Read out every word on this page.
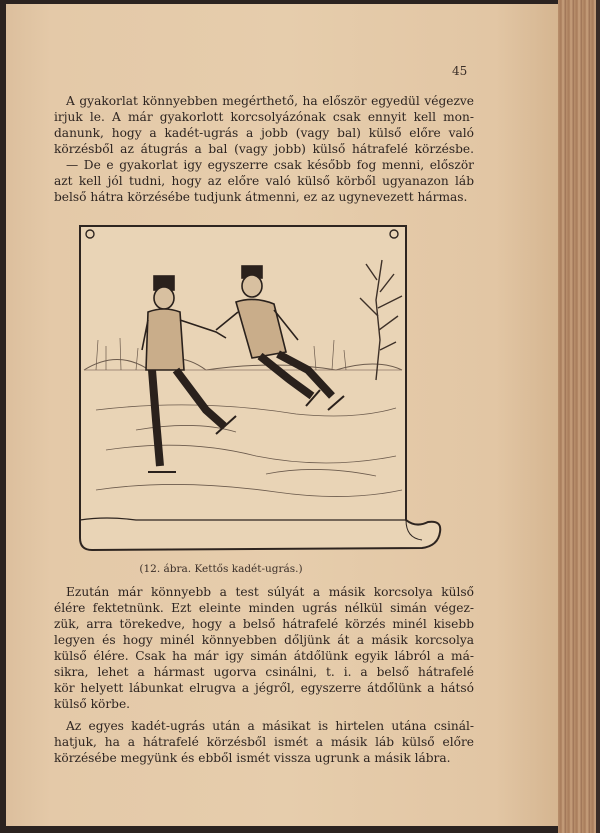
45

A gyakorlat könnyebben megérthető, ha először egyedül végezve
irjuk le. A már gyakorlott korcsolyázónak csak ennyit kell mon-
danunk, hogy a kadét-ugrás a jobb (vagy bal) külső előre való
körzésből az átugrás a bal (vagy jobb) külső hátrafelé körzésbe.
— De e gyakorlat igy egyszerre csak később fog menni, először
azt kell jól tudni, hogy az előre való külső körből ugyanazon láb
belső hátra körzésébe tudjunk átmenni, ez az ugynevezett hármas.

(12. ábra. Kettős kadét-ugrás.)

Ezután már könnyebb a test súlyát a másik korcsolya külső
élére fektetnünk. Ezt eleinte minden ugrás nélkül simán végez-
zük, arra törekedve, hogy a belső hátrafelé körzés minél kisebb
legyen és hogy minél könnyebben dőljünk át a másik korcsolya
külső élére. Csak ha már igy simán átdőlünk egyik lábról a má-
sikra, lehet a hármast ugorva csinálni, t. i. a belső hátrafelé
kör helyett lábunkat elrugva a jégről, egyszerre átdőlünk a hátsó
külső körbe.

Az egyes kadét-ugrás után a másikat is hirtelen utána csinál-
hatjuk, ha a hátrafelé körzésből ismét a másik láb külső előre
körzésébe megyünk és ebből ismét vissza ugrunk a másik lábra.
